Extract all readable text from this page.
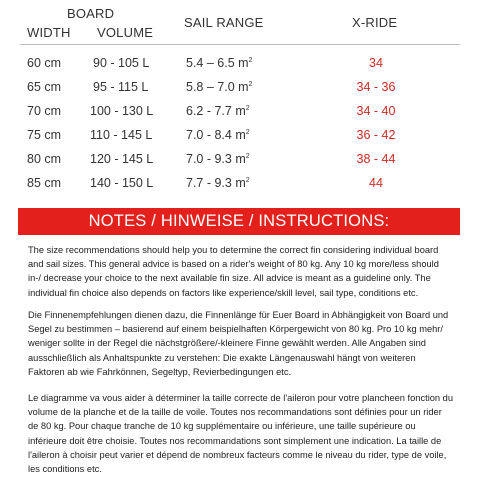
BOARD
WIDTH VOLUME
SAIL RANGE	X-RIDE
60 cm	90 - 105 L	5.4 – 6.5 $m^2$	34
65 cm	95 - 115 L	5.8 – 7.0 $m^2$	34 - 36
70 cm 100 - 130 L	6.2 - 7.7 $m^2$	34 - 40
75 cm 110 - 145 L	7.0 - 8.4 $m^2$	36 - 42
80 cm 120 - 145 L	7.0 - 9.3 $m^2$	38 - 44
85 cm 140 - 150 L	7.7 - 9.3 $m^2$	44
NOTES / HINWEISE / INSTRUCTIONS:
The size recommendations should help you to determine the correct fin considering individual board and sail sizes. This general advice is based on a rider's weight of 80 kg. Any 10 kg more/less should in-/ decrease your choice to the next available fin size. All advice is meant as a guideline only. The individual fin choice also depends on factors like experience/skill level, sail type, conditions etc.
Die Finnenempfehlungen dienen dazu, die Finnenlänge für Euer Board in Abhängigkeit von Board und Segel zu bestimmen – basierend auf einem beispielhaften Körpergewicht von 80 kg. Pro 10 kg mehr/ weniger sollte in der Regel die nächstgrößere/-kleinere Finne gewählt werden. Alle Angaben sind ausschließlich als Anhaltspunkte zu verstehen: Die exakte Längenauswahl hängt von weiteren Faktoren ab wie Fahrkönnen, Segeltyp, Revierbedingungen etc.
Le diagramme va vous aider à déterminer la taille correcte de l'aileron pour votre plancheen fonction du volume de la planche et de la taille de voile. Toutes nos recommandations sont définies pour un rider de 80 kg. Pour chaque tranche de 10 kg supplémentaire ou inférieure, une taille supérieure ou inférieure doit être choisie. Toutes nos recommandations sont simplement une indication. La taille de l'aileron à choisir peut varier et dépend de nombreux facteurs comme le niveau du rider, type de voile, les conditions etc.
